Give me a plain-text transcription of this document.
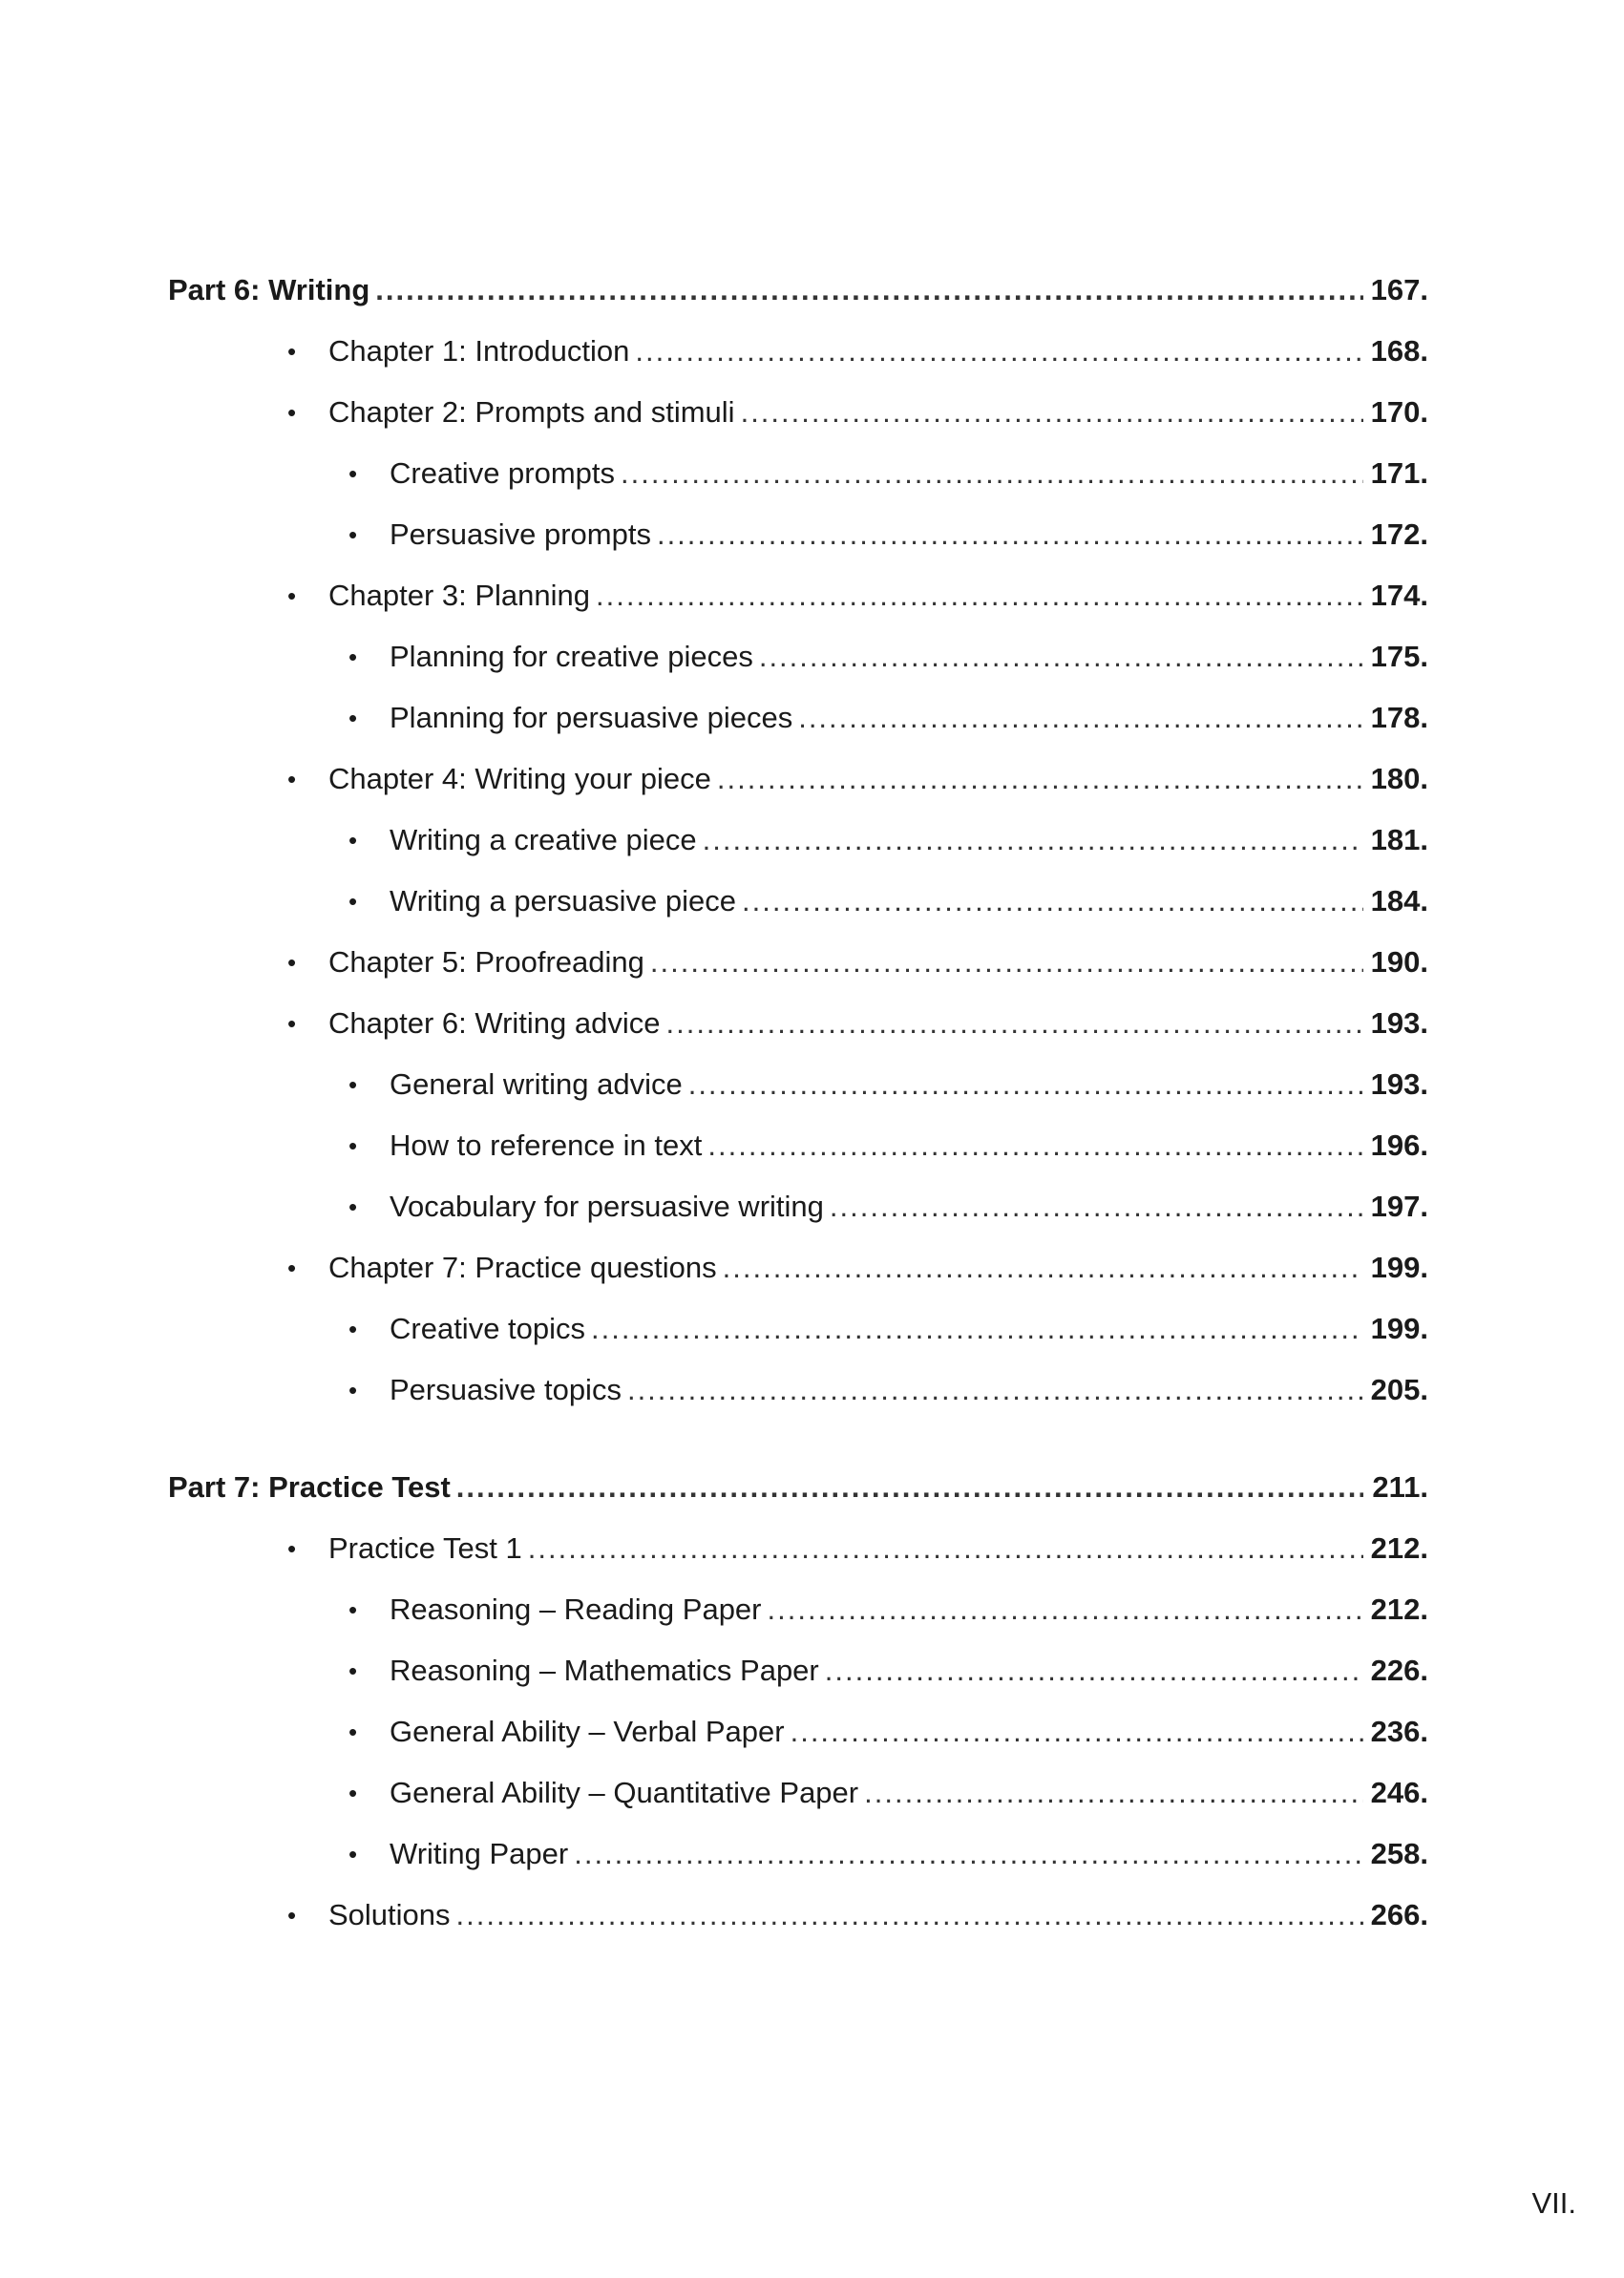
Part 6: Writing .....	167.
• Chapter 1: Introduction .....	168.
• Chapter 2: Prompts and stimuli .....	170.
• Creative prompts .....	171.
• Persuasive prompts .....	172.
• Chapter 3: Planning .....	174.
• Planning for creative pieces .....	175.
• Planning for persuasive pieces .....	178.
• Chapter 4: Writing your piece .....	180.
• Writing a creative piece .....	181.
• Writing a persuasive piece .....	184.
• Chapter 5: Proofreading .....	190.
• Chapter 6: Writing advice .....	193.
• General writing advice .....	193.
• How to reference in text .....	196.
• Vocabulary for persuasive writing .....	197.
• Chapter 7: Practice questions .....	199.
• Creative topics .....	199.
• Persuasive topics .....	205.
Part 7: Practice Test .....	211.
• Practice Test 1 .....	212.
• Reasoning – Reading Paper .....	212.
• Reasoning – Mathematics Paper .....	226.
• General Ability – Verbal Paper .....	236.
• General Ability – Quantitative Paper .....	246.
• Writing Paper .....	258.
• Solutions .....	266.
VII.
